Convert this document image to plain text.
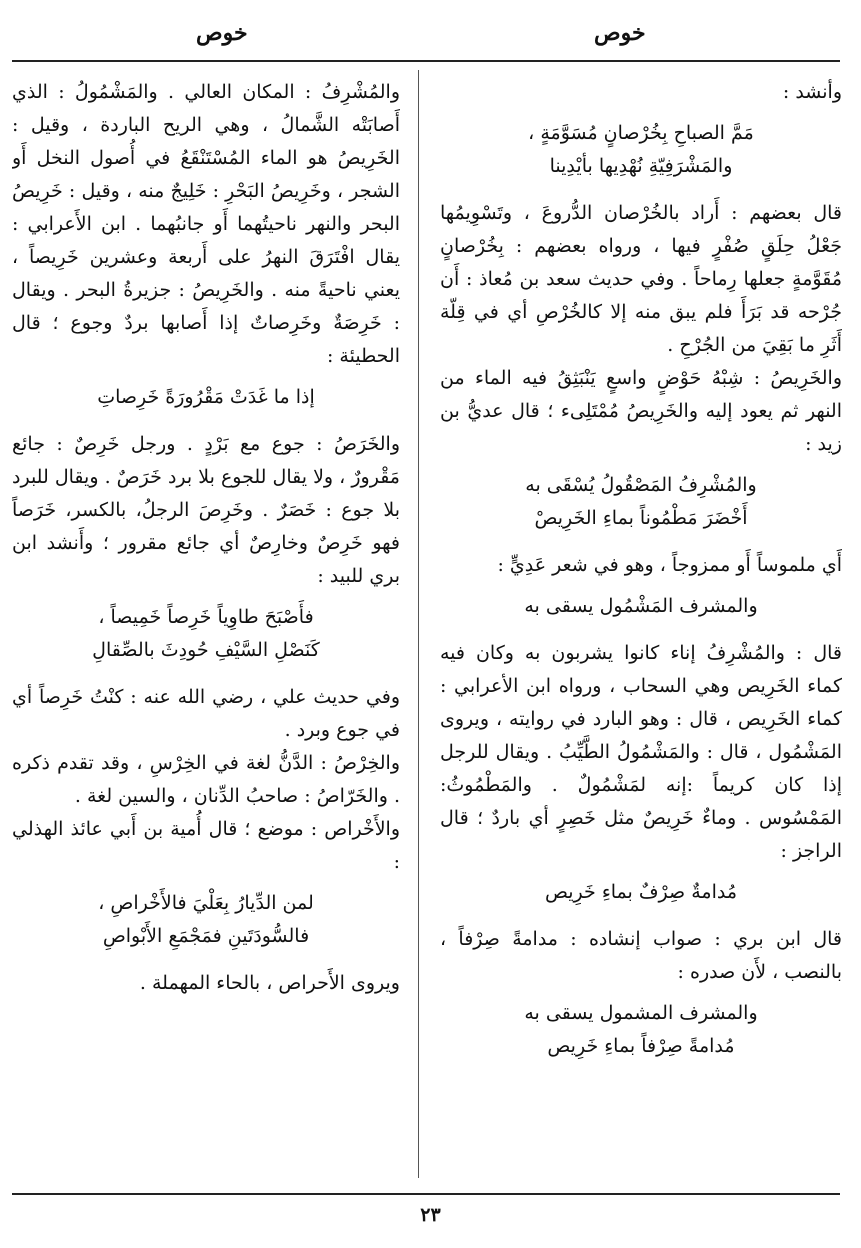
خوص	خوص

وأنشد :

مَمَّ الصباحِ بِخُرْصانٍ مُسَوَّمَةٍ ،
والمَشْرَفِيّةِ نُهْدِيها بأيْدِينا

قال بعضهم : أَراد بالخُرْصان الدُّروعَ ، وتَسْوِيمُها جَعْلُ حِلَقٍ صُفْرٍ فيها ، ورواه بعضهم : بِخُرْصانٍ مُقَوَّمةٍ جعلها رِماحاً . وفي حديث سعد بن مُعاذ : أَن جُرْحه قد بَرَأَ فلم يبق منه إلا كالخُرْصِ أي في قِلّة أَثَرِ ما بَقِيَ من الجُرْحِ .

والخَرِيصُ : شِبْهُ حَوْضٍ واسعٍ يَنْبَثِقُ فيه الماء من النهر ثم يعود إليه والخَرِيصُ مُمْتَلِىء ؛ قال عديُّ بن زيد :

والمُشْرِفُ المَصْقُولُ يُسْقَى به
أَخْضَرَ مَطْمُوناً بماءِ الخَرِيصْ

أَي ملموساً أَو ممزوجاً ، وهو في شعر عَدِيٍّ :

والمشرف المَشْمُول يسقى به

قال : والمُشْرِفُ إناء كانوا يشربون به وكان فيه كماء الخَرِيص وهي السحاب ، ورواه ابن الأعرابي : كماء الخَرِيص ، قال : وهو البارد في روايته ، ويروى المَشْمُول ، قال : والمَشْمُولُ الطَّيِّبُ . ويقال للرجل إذا كان كريماً :إنه لمَشْمُولٌ . والمَطْمُوثُ: المَمْسُوس . وماءٌ خَرِيصٌ مثل خَصِرٍ أي باردٌ ؛ قال الراجز :

مُدامةٌ صِرْفٌ بماءِ خَرِيص

قال ابن بري : صواب إنشاده : مدامةً صِرْفاً ، بالنصب ، لأَن صدره :

والمشرف المشمول يسقى به
مُدامةً صِرْفاً بماءِ خَرِيص

والمُشْرِفُ : المكان العالي . والمَشْمُولُ : الذي أَصابَتْه الشَّمالُ ، وهي الريح الباردة ، وقيل : الخَرِيصُ هو الماء المُسْتَنْقَعُ في أُصول النخل أَو الشجر ، وخَرِيصُ البَحْرِ : خَلِيجٌ منه ، وقيل : خَرِيصُ البحر والنهر ناحيتُهما أَو جانبُهما . ابن الأَعرابي : يقال افْتَرَقَ النهرُ على أَربعة وعشرين خَرِيصاً ، يعني ناحيةً منه . والخَرِيصُ : جزيرةُ البحر . ويقال : خَرِصَةٌ وخَرِصاتٌ إذا أَصابها بردٌ وجوع ؛ قال الحطيئة :

إذا ما غَدَتْ مَقْرُورَةً خَرِصاتِ

والخَرَصُ : جوع مع بَرْدٍ . ورجل خَرِصٌ : جائع مَقْرورٌ ، ولا يقال للجوع بلا برد خَرَصٌ . ويقال للبرد بلا جوع : خَصَرٌ . وخَرِصَ الرجلُ، بالكسر، خَرَصاً فهو خَرِصٌ وخارِصٌ أي جائع مقرور ؛ وأَنشد ابن بري للبيد :

فأَصْبَحَ طاوِياً خَرِصاً خَمِيصاً ،
كَنَصْلِ السَّيْفِ حُودِثَ بالصِّقالِ

وفي حديث علي ، رضي الله عنه : كنْتُ خَرِصاً أي في جوع وبرد .

والخِرْصُ : الدَّنُّ لغة في الخِرْسِ ، وقد تقدم ذكره . والخَرّاصُ : صاحبُ الدِّنان ، والسين لغة .

والأَخْراص : موضع ؛ قال أُمية بن أَبي عائذ الهذلي :

لمن الدِّيارُ بِعَلْيَ فالأَخْراصِ ،
فالسُّودَتَينِ فمَجْمَعِ الأَبْواصِ

ويروى الأَحراص ، بالحاء المهملة .

٢٣
